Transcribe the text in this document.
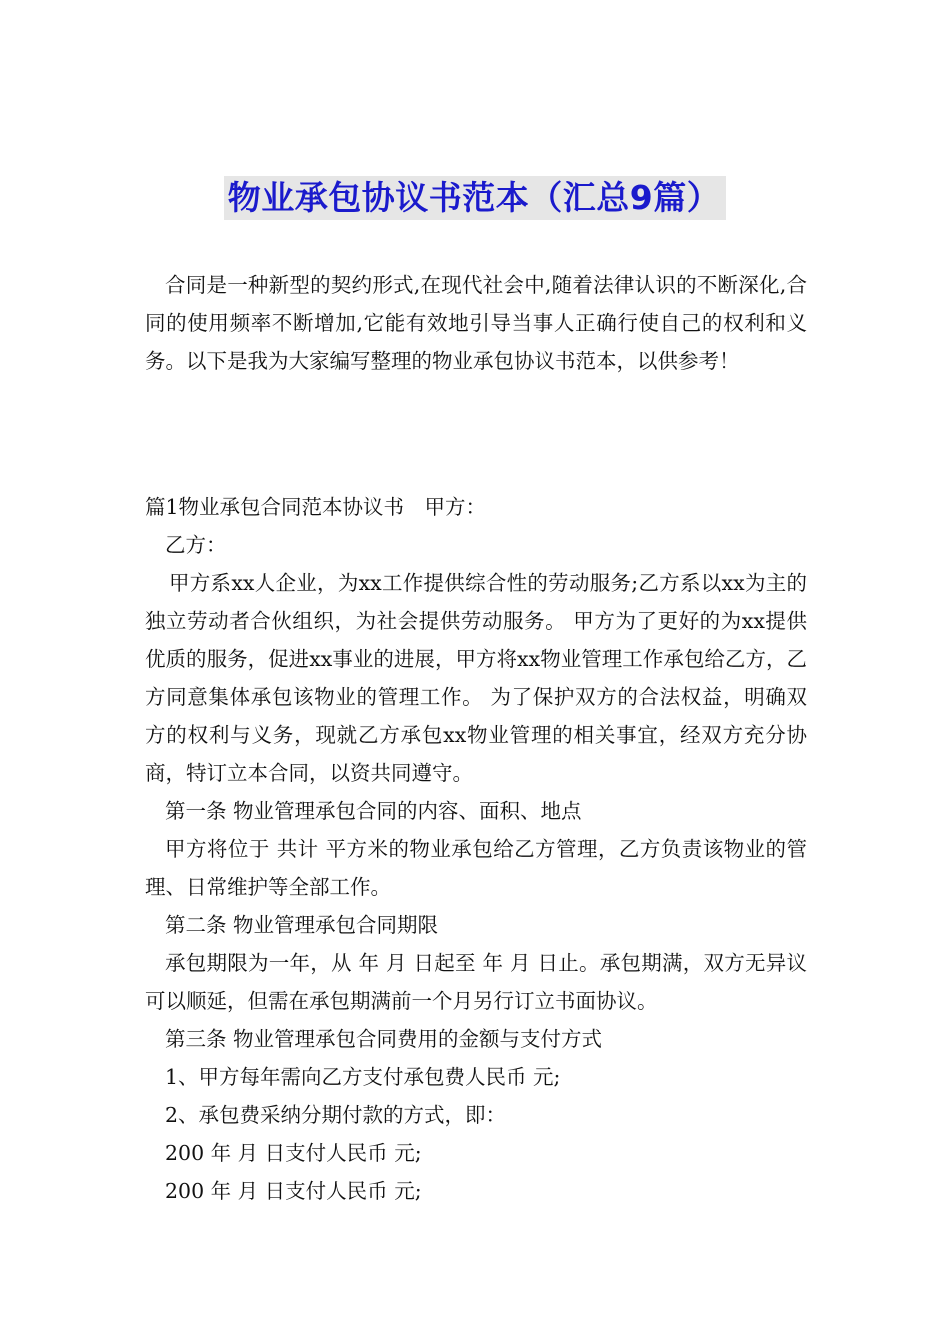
物业承包协议书范本（汇总9篇）

合同是一种新型的契约形式,在现代社会中,随着法律认识的不断深化,合同的使用频率不断增加,它能有效地引导当事人正确行使自己的权利和义务。以下是我为大家编写整理的物业承包协议书范本，以供参考！

篇1物业承包合同范本协议书　甲方：

乙方：

甲方系xx人企业，为xx工作提供综合性的劳动服务;乙方系以xx为主的独立劳动者合伙组织，为社会提供劳动服务。 甲方为了更好的为xx提供优质的服务，促进xx事业的进展，甲方将xx物业管理工作承包给乙方，乙方同意集体承包该物业的管理工作。 为了保护双方的合法权益，明确双方的权利与义务，现就乙方承包xx物业管理的相关事宜，经双方充分协商，特订立本合同，以资共同遵守。

第一条 物业管理承包合同的内容、面积、地点

甲方将位于 共计 平方米的物业承包给乙方管理，乙方负责该物业的管理、日常维护等全部工作。

第二条 物业管理承包合同期限

承包期限为一年，从 年 月 日起至 年 月 日止。承包期满，双方无异议可以顺延，但需在承包期满前一个月另行订立书面协议。

第三条 物业管理承包合同费用的金额与支付方式

1、甲方每年需向乙方支付承包费人民币 元;

2、承包费采纳分期付款的方式，即：

200 年 月 日支付人民币 元;

200 年 月 日支付人民币 元;
